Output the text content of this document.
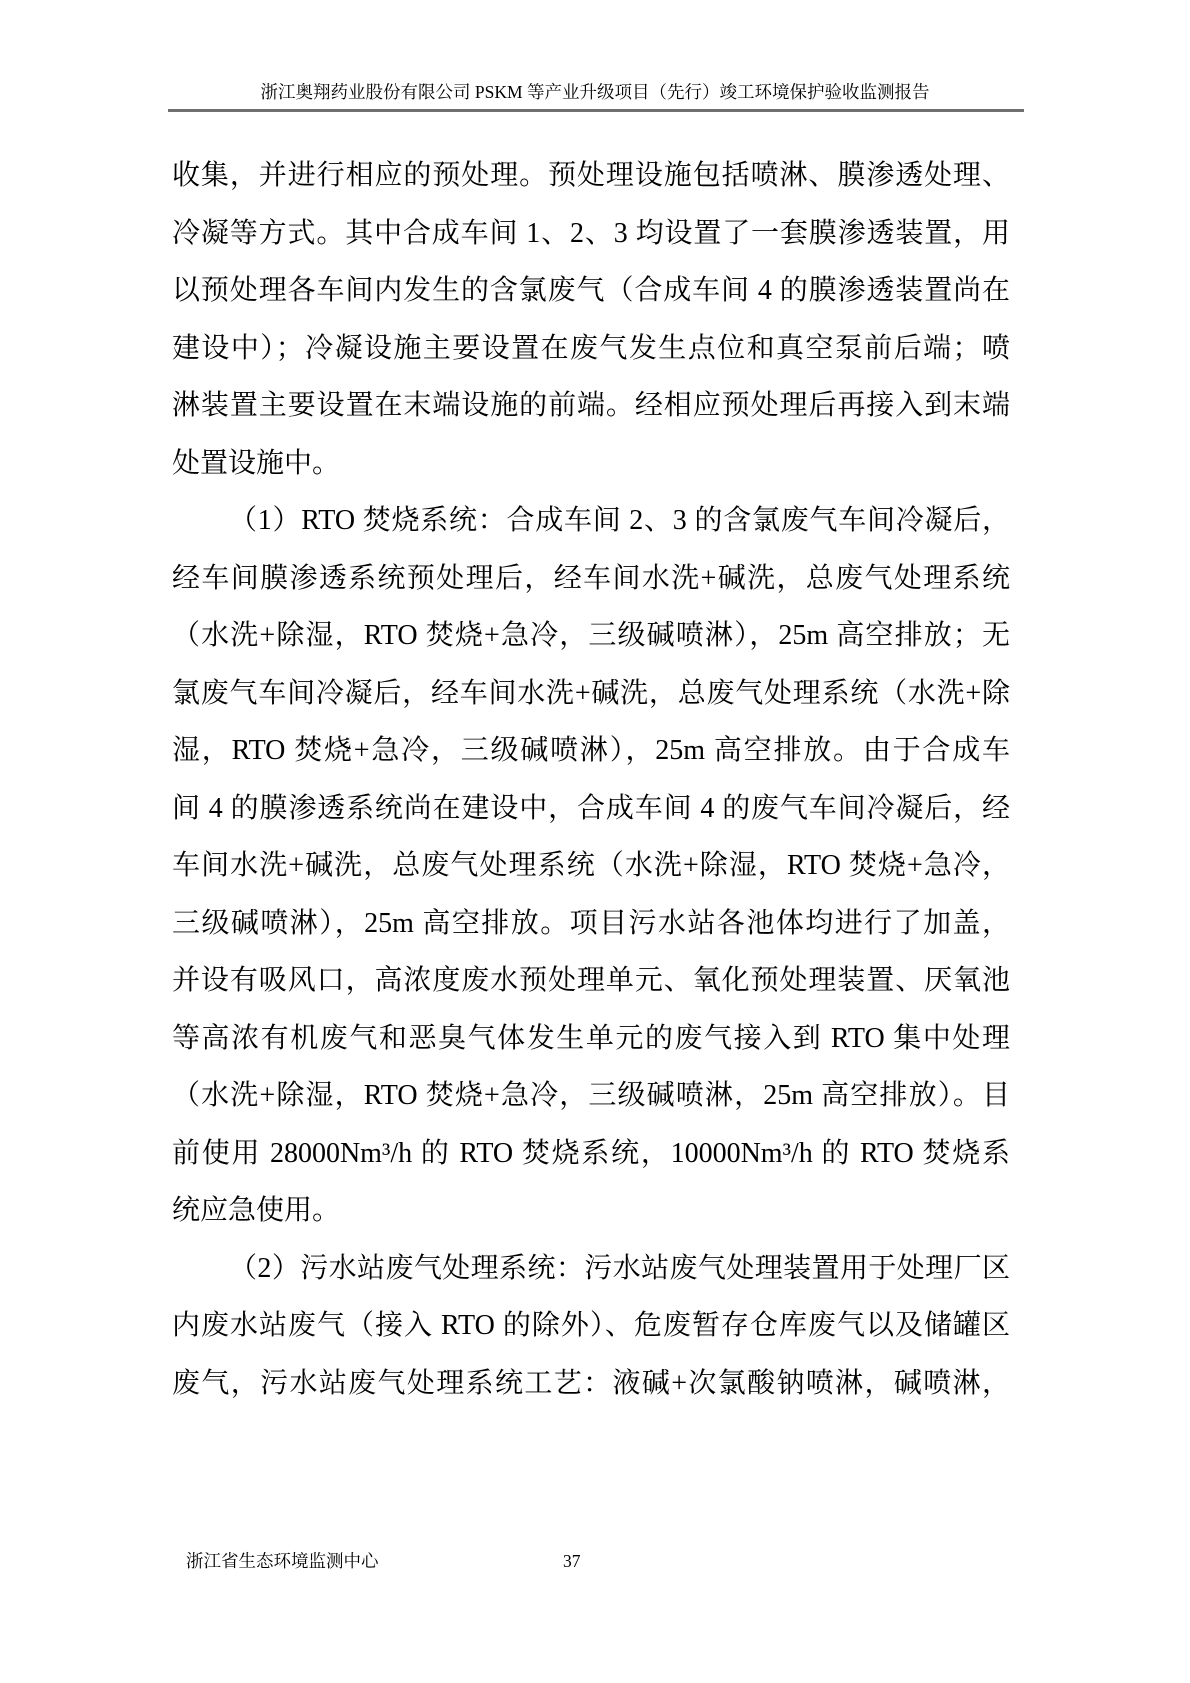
浙江奥翔药业股份有限公司 PSKM 等产业升级项目（先行）竣工环境保护验收监测报告
收集，并进行相应的预处理。预处理设施包括喷淋、膜渗透处理、
冷凝等方式。其中合成车间 1、2、3 均设置了一套膜渗透装置，用
以预处理各车间内发生的含氯废气（合成车间 4 的膜渗透装置尚在
建设中）；冷凝设施主要设置在废气发生点位和真空泵前后端；喷
淋装置主要设置在末端设施的前端。经相应预处理后再接入到末端
处置设施中。
（1）RTO 焚烧系统：合成车间 2、3 的含氯废气车间冷凝后，
经车间膜渗透系统预处理后，经车间水洗+碱洗，总废气处理系统
（水洗+除湿，RTO 焚烧+急冷，三级碱喷淋），25m 高空排放；无
氯废气车间冷凝后，经车间水洗+碱洗，总废气处理系统（水洗+除
湿，RTO 焚烧+急冷，三级碱喷淋），25m 高空排放。由于合成车
间 4 的膜渗透系统尚在建设中，合成车间 4 的废气车间冷凝后，经
车间水洗+碱洗，总废气处理系统（水洗+除湿，RTO 焚烧+急冷，
三级碱喷淋），25m 高空排放。项目污水站各池体均进行了加盖，
并设有吸风口，高浓度废水预处理单元、氧化预处理装置、厌氧池
等高浓有机废气和恶臭气体发生单元的废气接入到 RTO 集中处理
（水洗+除湿，RTO 焚烧+急冷，三级碱喷淋，25m 高空排放）。目
前使用 28000Nm³/h 的 RTO 焚烧系统，10000Nm³/h 的 RTO 焚烧系
统应急使用。
（2）污水站废气处理系统：污水站废气处理装置用于处理厂区
内废水站废气（接入 RTO 的除外）、危废暂存仓库废气以及储罐区
废气，污水站废气处理系统工艺：液碱+次氯酸钠喷淋，碱喷淋，
浙江省生态环境监测中心	37
